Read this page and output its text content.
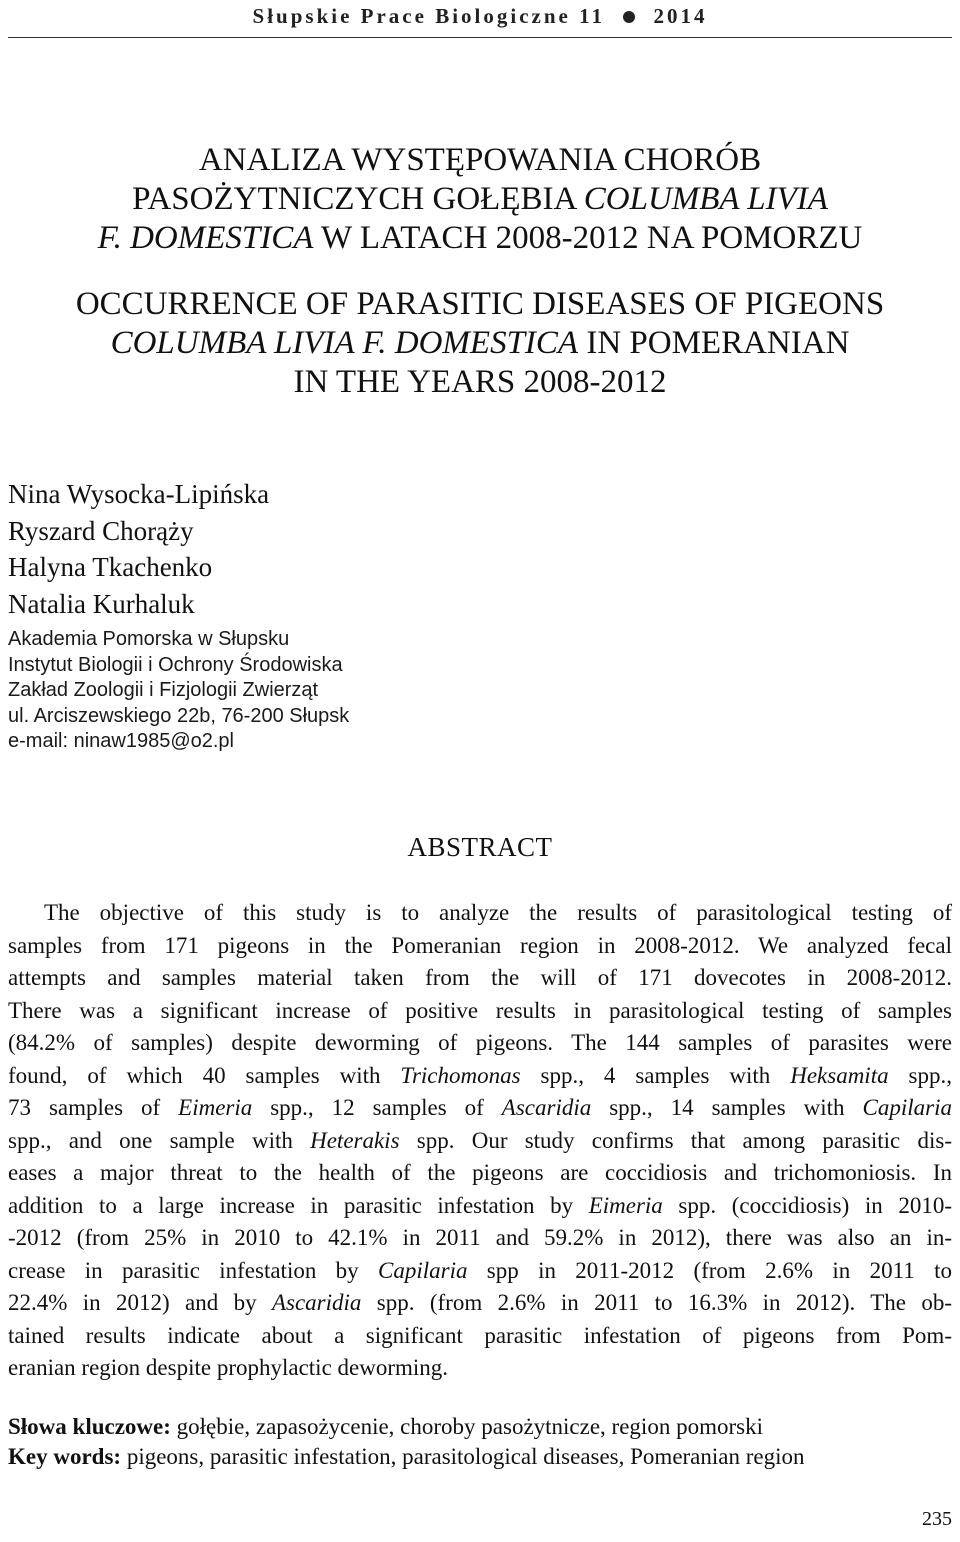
Słupskie Prace Biologiczne 11 2014
ANALIZA WYSTĘPOWANIA CHORÓB
PASOŻYTNICZYCH GOŁĘBIA COLUMBA LIVIA
F. DOMESTICA W LATACH 2008-2012 NA POMORZU
OCCURRENCE OF PARASITIC DISEASES OF PIGEONS
COLUMBA LIVIA F. DOMESTICA IN POMERANIAN
IN THE YEARS 2008-2012
Nina Wysocka-Lipińska
Ryszard Chorąży
Halyna Tkachenko
Natalia Kurhaluk
Akademia Pomorska w Słupsku
Instytut Biologii i Ochrony Środowiska
Zakład Zoologii i Fizjologii Zwierząt
ul. Arciszewskiego 22b, 76-200 Słupsk
e-mail: ninaw1985@o2.pl
ABSTRACT
The objective of this study is to analyze the results of parasitological testing of
samples from 171 pigeons in the Pomeranian region in 2008-2012. We analyzed fecal
attempts and samples material taken from the will of 171 dovecotes in 2008-2012.
There was a significant increase of positive results in parasitological testing of samples
(84.2% of samples) despite deworming of pigeons. The 144 samples of parasites were
found, of which 40 samples with Trichomonas spp., 4 samples with Heksamita spp.,
73 samples of Eimeria spp., 12 samples of Ascaridia spp., 14 samples with Capilaria
spp., and one sample with Heterakis spp. Our study confirms that among parasitic dis-
eases a major threat to the health of the pigeons are coccidiosis and trichomoniosis. In
addition to a large increase in parasitic infestation by Eimeria spp. (coccidiosis) in 2010-
-2012 (from 25% in 2010 to 42.1% in 2011 and 59.2% in 2012), there was also an in-
crease in parasitic infestation by Capilaria spp in 2011-2012 (from 2.6% in 2011 to
22.4% in 2012) and by Ascaridia spp. (from 2.6% in 2011 to 16.3% in 2012). The ob-
tained results indicate about a significant parasitic infestation of pigeons from Pom-
eranian region despite prophylactic deworming.
Słowa kluczowe: gołębie, zapasożycenie, choroby pasożytnicze, region pomorski
Key words: pigeons, parasitic infestation, parasitological diseases, Pomeranian region
235
